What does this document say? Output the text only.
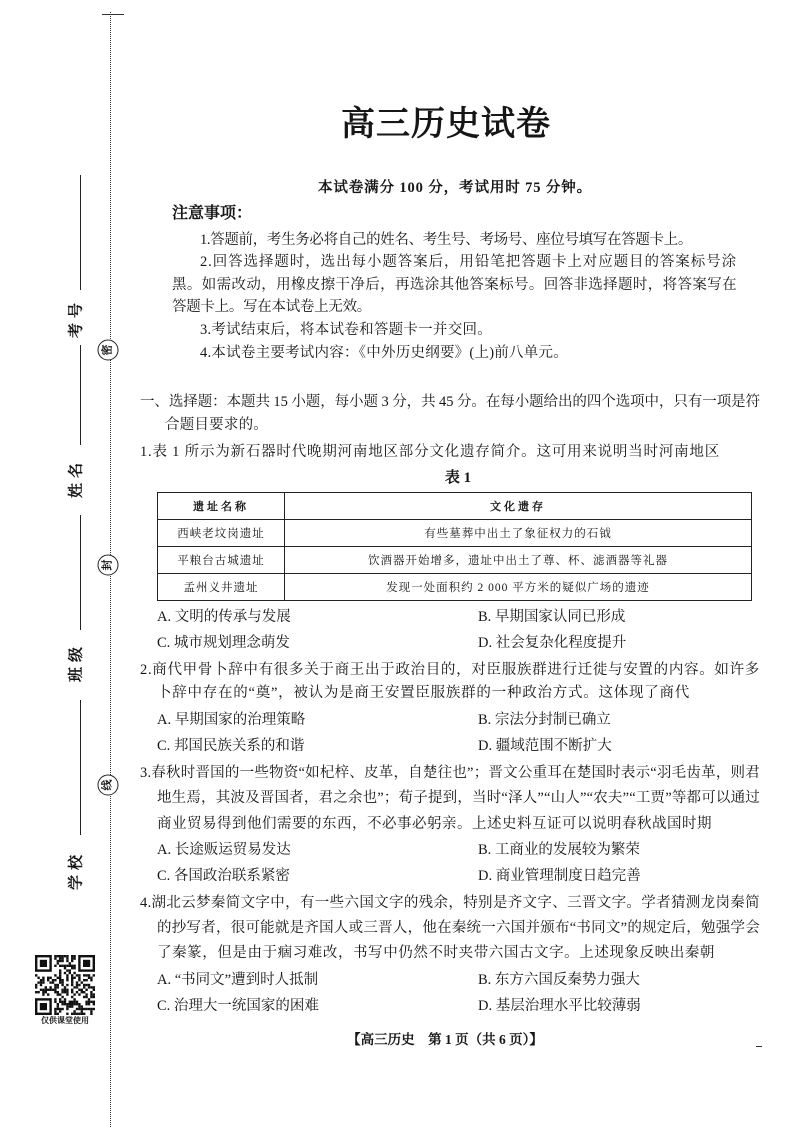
考号
姓名
班级
学校
密
封
线
仅供课堂使用
高三历史试卷
本试卷满分 100 分，考试用时 75 分钟。
注意事项：
1.答题前，考生务必将自己的姓名、考生号、考场号、座位号填写在答题卡上。
2.回答选择题时，选出每小题答案后，用铅笔把答题卡上对应题目的答案标号涂
黑。如需改动，用橡皮擦干净后，再选涂其他答案标号。回答非选择题时，将答案写在
答题卡上。写在本试卷上无效。
3.考试结束后，将本试卷和答题卡一并交回。
4.本试卷主要考试内容：《中外历史纲要》(上)前八单元。
一、选择题：本题共 15 小题，每小题 3 分，共 45 分。在每小题给出的四个选项中，只有一项是符
合题目要求的。
1.表 1 所示为新石器时代晚期河南地区部分文化遗存简介。这可用来说明当时河南地区
表 1
遗址名称	文化遗存
西峡老坟岗遗址	有些墓葬中出土了象征权力的石钺
平粮台古城遗址	饮酒器开始增多，遗址中出土了尊、杯、滤酒器等礼器
孟州义井遗址	发现一处面积约 2 000 平方米的疑似广场的遗迹
A. 文明的传承与发展	B. 早期国家认同已形成
C. 城市规划理念萌发	D. 社会复杂化程度提升
2.商代甲骨卜辞中有很多关于商王出于政治目的，对臣服族群进行迁徙与安置的内容。如许多
卜辞中存在的“奠”，被认为是商王安置臣服族群的一种政治方式。这体现了商代
A. 早期国家的治理策略	B. 宗法分封制已确立
C. 邦国民族关系的和谐	D. 疆域范围不断扩大
3.春秋时晋国的一些物资“如杞梓、皮革，自楚往也”；晋文公重耳在楚国时表示“羽毛齿革，则君
地生焉，其波及晋国者，君之余也”；荀子提到，当时“泽人”“山人”“农夫”“工贾”等都可以通过
商业贸易得到他们需要的东西，不必事必躬亲。上述史料互证可以说明春秋战国时期
A. 长途贩运贸易发达	B. 工商业的发展较为繁荣
C. 各国政治联系紧密	D. 商业管理制度日趋完善
4.湖北云梦秦简文字中，有一些六国文字的残余，特别是齐文字、三晋文字。学者猜测龙岗秦简
的抄写者，很可能就是齐国人或三晋人，他在秦统一六国并颁布“书同文”的规定后，勉强学会
了秦篆，但是由于痼习难改，书写中仍然不时夹带六国古文字。上述现象反映出秦朝
A. “书同文”遭到时人抵制	B. 东方六国反秦势力强大
C. 治理大一统国家的困难	D. 基层治理水平比较薄弱
【高三历史　第 1 页（共 6 页）】
